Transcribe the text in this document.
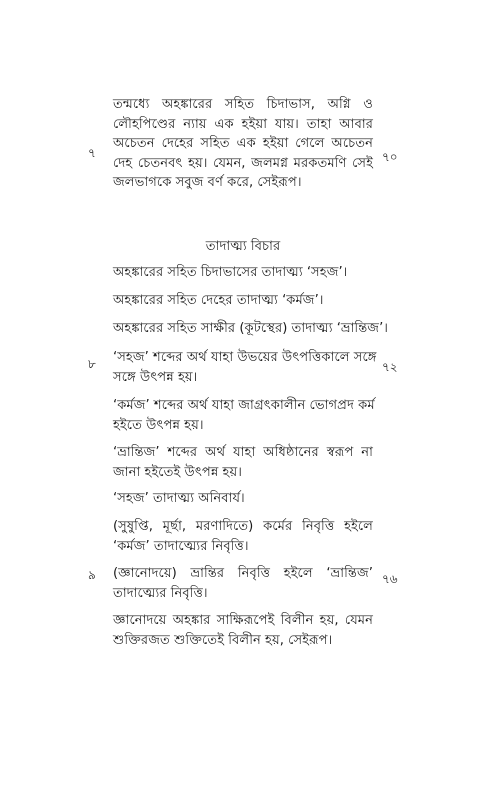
তন্মধ্যে অহঙ্কারের সহিত চিদাভাস, অগ্নি ও
লৌহপিণ্ডের ন্যায় এক হইয়া যায়। তাহা আবার
অচেতন দেহের সহিত এক হইয়া গেলে অচেতন
দেহ চেতনবৎ হয়। যেমন, জলমগ্ন মরকতমণি সেই
জলভাগকে সবুজ বর্ণ করে, সেইরূপ।

তাদাত্ম্য বিচার

অহঙ্কারের সহিত চিদাভাসের তাদাত্ম্য ‘সহজ’।

অহঙ্কারের সহিত দেহের তাদাত্ম্য ‘কর্মজ’।

অহঙ্কারের সহিত সাক্ষীর (কূটস্থের) তাদাত্ম্য ‘ভ্রান্তিজ’।

‘সহজ’ শব্দের অর্থ যাহা উভয়ের উৎপত্তিকালে সঙ্গে
সঙ্গে উৎপন্ন হয়।

‘কর্মজ’ শব্দের অর্থ যাহা জাগ্রৎকালীন ভোগপ্রদ কর্ম
হইতে উৎপন্ন হয়।

‘ভ্রান্তিজ’ শব্দের অর্থ যাহা অধিষ্ঠানের স্বরূপ না
জানা হইতেই উৎপন্ন হয়।

‘সহজ’ তাদাত্ম্য অনিবার্য।

(সুষুপ্তি, মূর্ছা, মরণাদিতে) কর্মের নিবৃত্তি হইলে
‘কর্মজ’ তাদাত্ম্যের নিবৃত্তি।

(জ্ঞানোদয়ে) ভ্রান্তির নিবৃত্তি হইলে ‘ভ্রান্তিজ’
তাদাত্ম্যের নিবৃত্তি।

জ্ঞানোদয়ে অহঙ্কার সাক্ষিরূপেই বিলীন হয়, যেমন
শুক্তিরজত শুক্তিতেই বিলীন হয়, সেইরূপ।

৭	৭০
৮	৭২
৯	৭৬
